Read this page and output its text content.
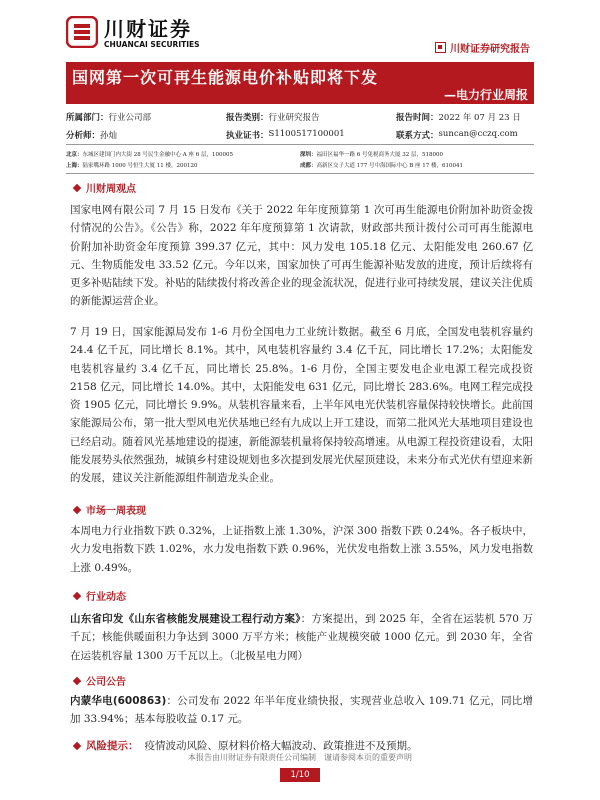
川财证券
CHUANCAI SECURITIES	川财证券研究报告
国网第一次可再生能源电价补贴即将下发
—电力行业周报
所属部门： 行业公司部	报告类别： 行业研究报告	报告时间： 2022 年 07 月 23 日
分析师： 孙灿	执业证书： S1100517100001	联系方式： suncan@cczq.com
北京：东城区建国门内大街 28 号民生金融中心 A 座 6 层，100005	深圳：福田区福华一路 6 号免税商务大厦 32 层，518000
上海：陆家嘴环路 1000 号恒生大厦 11 楼，200120	成都：高新区交子大道 177 号中海国际中心 B 座 17 楼，610041
川财周观点

国家电网有限公司 7 月 15 日发布《关于 2022 年年度预算第 1 次可再生能源电价附加补助资金拨付情况的公告》。《公告》称，2022 年年度预算第 1 次请款，财政部共预计拨付公司可再生能源电价附加补助资金年度预算 399.37 亿元，其中：风力发电 105.18 亿元、太阳能发电 260.67 亿元、生物质能发电 33.52 亿元。今年以来，国家加快了可再生能源补贴发放的进度，预计后续将有更多补贴陆续下发。补贴的陆续拨付将改善企业的现金流状况，促进行业可持续发展，建议关注优质的新能源运营企业。

7 月 19 日，国家能源局发布 1-6 月份全国电力工业统计数据。截至 6 月底，全国发电装机容量约 24.4 亿千瓦，同比增长 8.1%。其中，风电装机容量约 3.4 亿千瓦，同比增长 17.2%；太阳能发电装机容量约 3.4 亿千瓦，同比增长 25.8%。1-6 月份，全国主要发电企业电源工程完成投资 2158 亿元，同比增长 14.0%。其中，太阳能发电 631 亿元，同比增长 283.6%。电网工程完成投资 1905 亿元，同比增长 9.9%。从装机容量来看，上半年风电光伏装机容量保持较快增长。此前国家能源局公布，第一批大型风电光伏基地已经有九成以上开工建设，而第二批风光大基地项目建设也已经启动。随着风光基地建设的提速，新能源装机量将保持较高增速。从电源工程投资建设看，太阳能发展势头依然强劲，城镇乡村建设规划也多次提到发展光伏屋顶建设，未来分布式光伏有望迎来新的发展，建议关注新能源组件制造龙头企业。

市场一周表现

本周电力行业指数下跌 0.32%，上证指数上涨 1.30%，沪深 300 指数下跌 0.24%。各子板块中，火力发电指数下跌 1.02%，水力发电指数下跌 0.96%，光伏发电指数上涨 3.55%，风力发电指数上涨 0.49%。

行业动态

山东省印发《山东省核能发展建设工程行动方案》：方案提出，到 2025 年，全省在运装机 570 万千瓦；核能供暖面积力争达到 3000 万平方米；核能产业规模突破 1000 亿元。到 2030 年，全省在运装机容量 1300 万千瓦以上。（北极星电力网）

公司公告

内蒙华电(600863)：公司发布 2022 年半年度业绩快报，实现营业总收入 109.71 亿元，同比增加 33.94%；基本每股收益 0.17 元。

风险提示： 疫情波动风险、原材料价格大幅波动、政策推进不及预期。
本报告由川财证券有限责任公司编制　谨请参阅本页的重要声明
1/10
